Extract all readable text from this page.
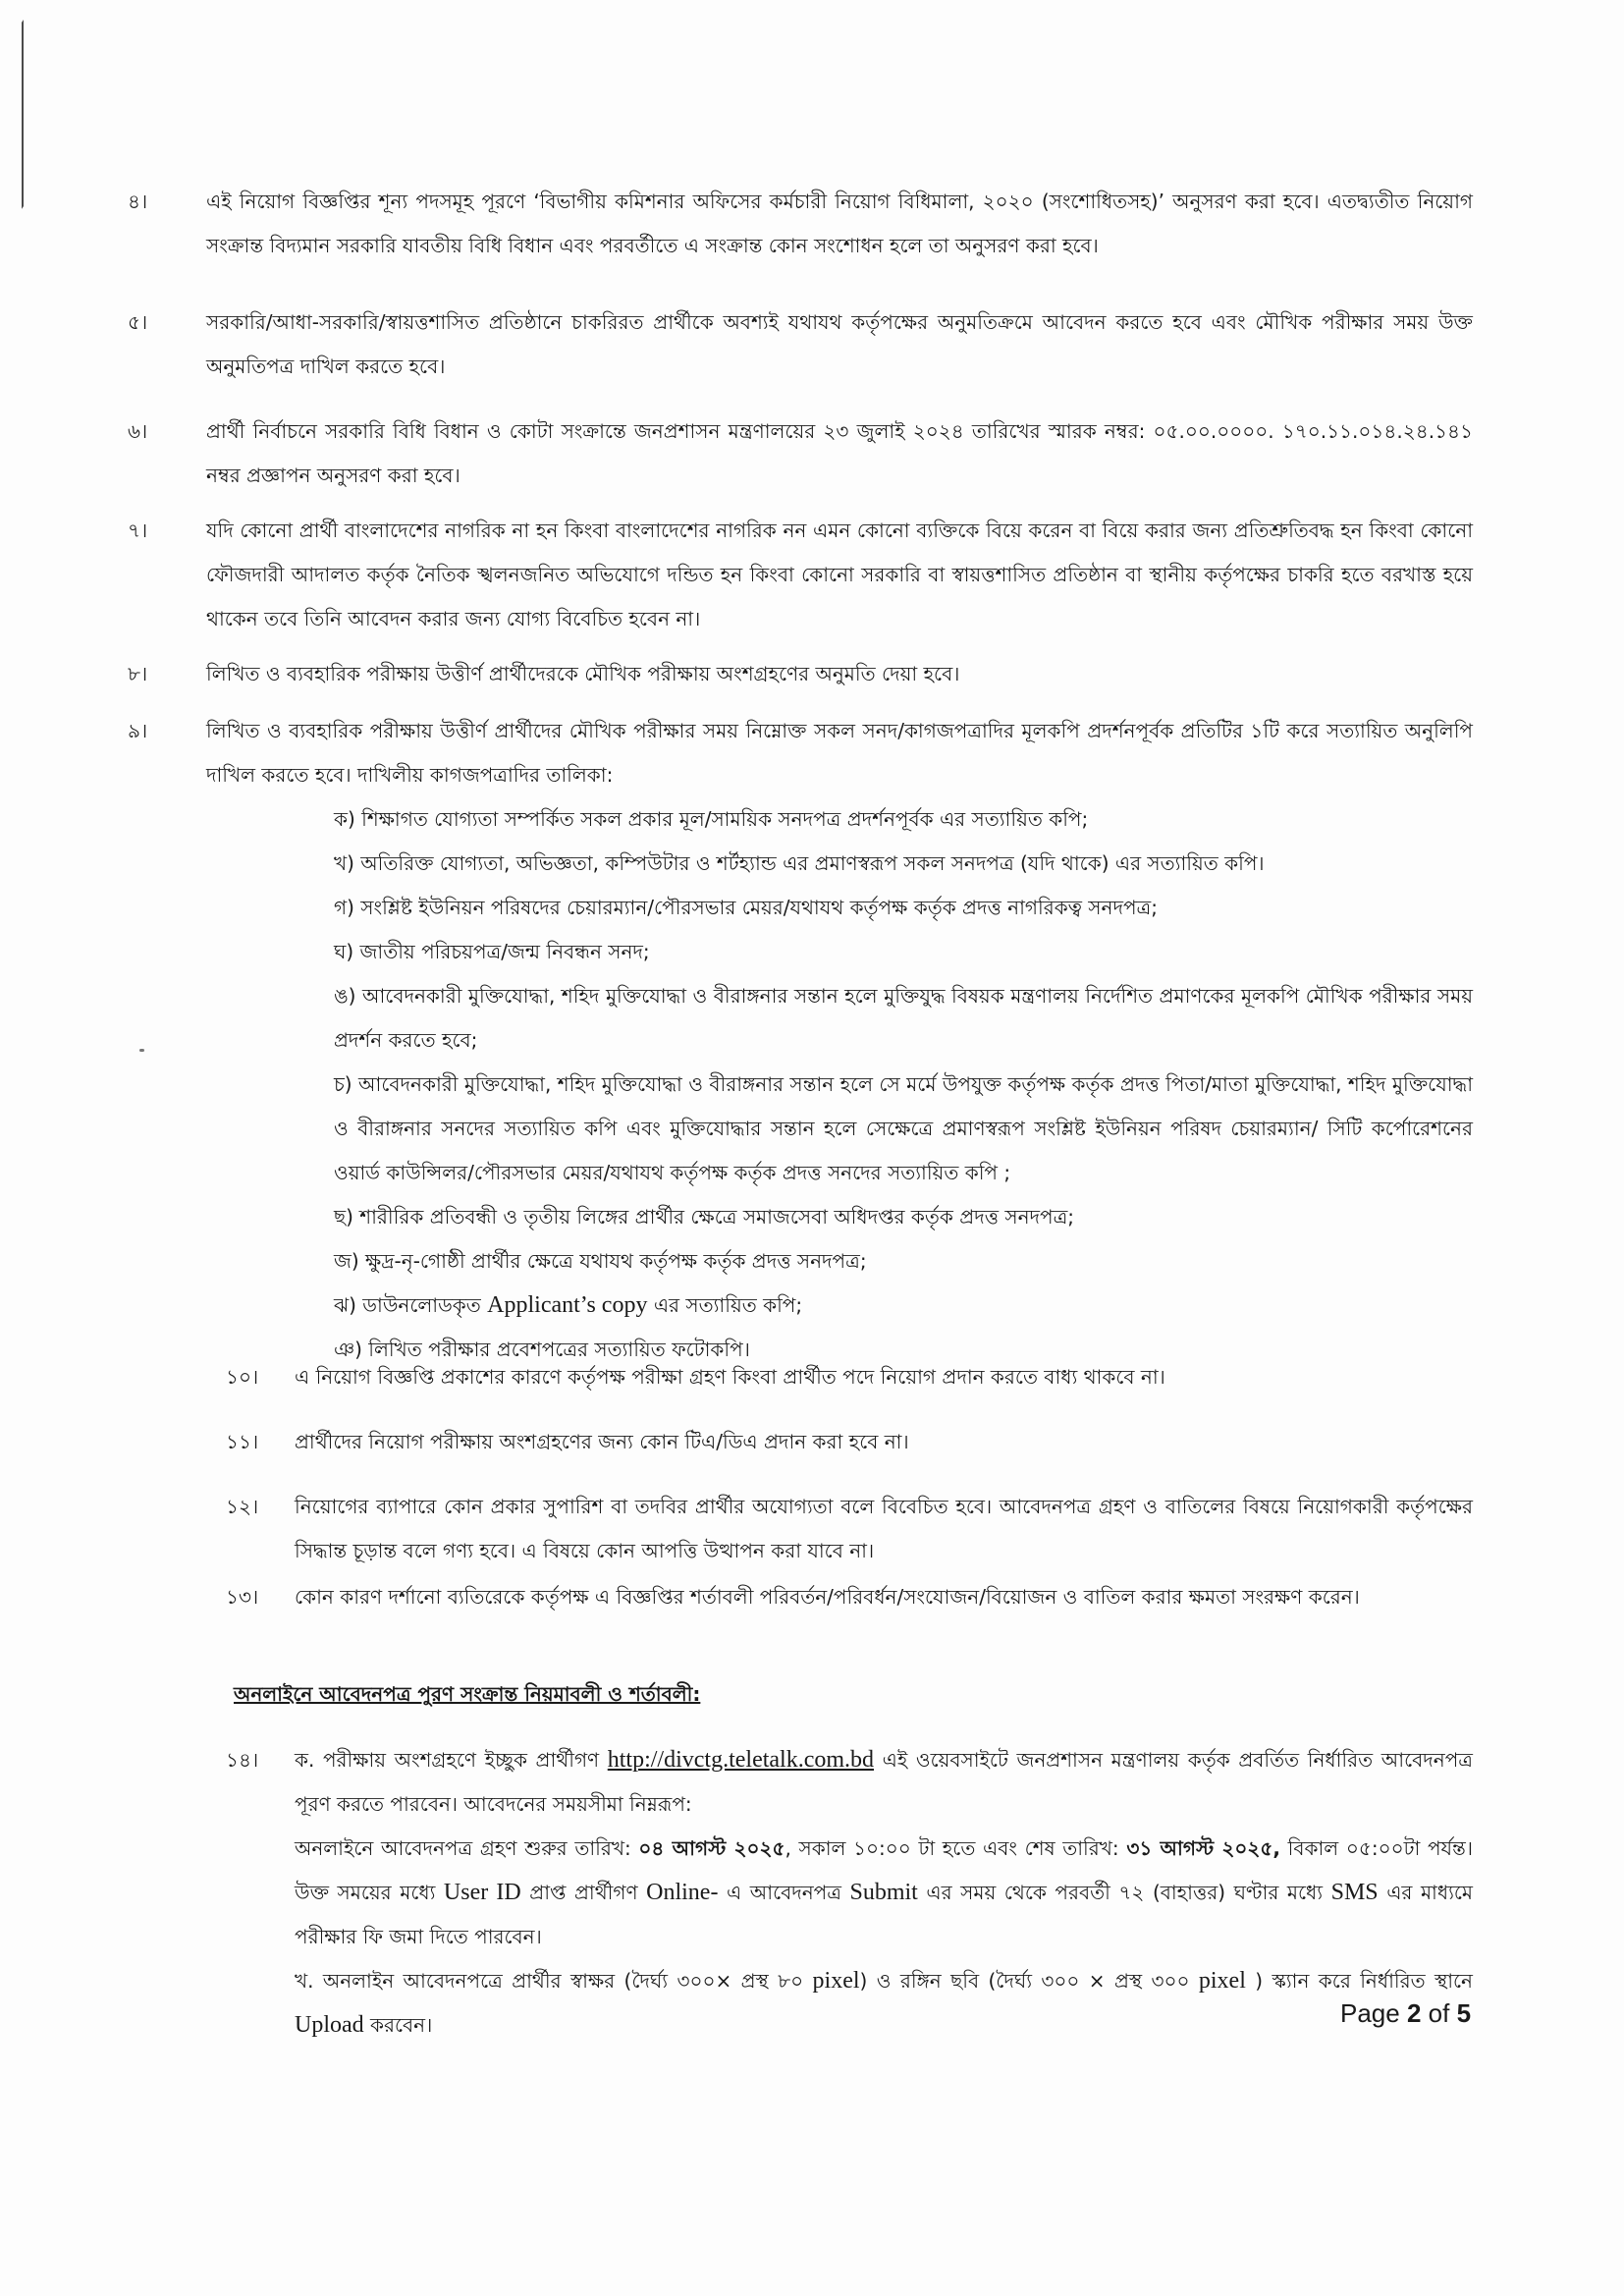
৪।	এই নিয়োগ বিজ্ঞপ্তির শূন্য পদসমূহ পূরণে ‘বিভাগীয় কমিশনার অফিসের কর্মচারী নিয়োগ বিধিমালা, ২০২০ (সংশোধিতসহ)’ অনুসরণ করা হবে। এতদ্ব্যতীত নিয়োগ সংক্রান্ত বিদ্যমান সরকারি যাবতীয় বিধি বিধান এবং পরবর্তীতে এ সংক্রান্ত কোন সংশোধন হলে তা অনুসরণ করা হবে।
৫।	সরকারি/আধা-সরকারি/স্বায়ত্তশাসিত প্রতিষ্ঠানে চাকরিরত প্রার্থীকে অবশ্যই যথাযথ কর্তৃপক্ষের অনুমতিক্রমে আবেদন করতে হবে এবং মৌখিক পরীক্ষার সময় উক্ত অনুমতিপত্র দাখিল করতে হবে।
৬।	প্রার্থী নির্বাচনে সরকারি বিধি বিধান ও কোটা সংক্রান্তে জনপ্রশাসন মন্ত্রণালয়ের ২৩ জুলাই ২০২৪ তারিখের স্মারক নম্বর: ০৫.০০.০০০০. ১৭০.১১.০১৪.২৪.১৪১ নম্বর প্রজ্ঞাপন অনুসরণ করা হবে।
৭।	যদি কোনো প্রার্থী বাংলাদেশের নাগরিক না হন কিংবা বাংলাদেশের নাগরিক নন এমন কোনো ব্যক্তিকে বিয়ে করেন বা বিয়ে করার জন্য প্রতিশ্রুতিবদ্ধ হন কিংবা কোনো ফৌজদারী আদালত কর্তৃক নৈতিক স্খলনজনিত অভিযোগে দন্ডিত হন কিংবা কোনো সরকারি বা স্বায়ত্তশাসিত প্রতিষ্ঠান বা স্থানীয় কর্তৃপক্ষের চাকরি হতে বরখাস্ত হয়ে থাকেন তবে তিনি আবেদন করার জন্য যোগ্য বিবেচিত হবেন না।
৮।	লিখিত ও ব্যবহারিক পরীক্ষায় উত্তীর্ণ প্রার্থীদেরকে মৌখিক পরীক্ষায় অংশগ্রহণের অনুমতি দেয়া হবে।
৯।	লিখিত ও ব্যবহারিক পরীক্ষায় উত্তীর্ণ প্রার্থীদের মৌখিক পরীক্ষার সময় নিম্নোক্ত সকল সনদ/কাগজপত্রাদির মূলকপি প্রদর্শনপূর্বক প্রতিটির ১টি করে সত্যায়িত অনুলিপি দাখিল করতে হবে। দাখিলীয় কাগজপত্রাদির তালিকা:
ক) শিক্ষাগত যোগ্যতা সম্পর্কিত সকল প্রকার মূল/সাময়িক সনদপত্র প্রদর্শনপূর্বক এর সত্যায়িত কপি;
খ) অতিরিক্ত যোগ্যতা, অভিজ্ঞতা, কম্পিউটার ও শর্টহ্যান্ড এর প্রমাণস্বরূপ সকল সনদপত্র (যদি থাকে) এর সত্যায়িত কপি।
গ) সংশ্লিষ্ট ইউনিয়ন পরিষদের চেয়ারম্যান/পৌরসভার মেয়র/যথাযথ কর্তৃপক্ষ কর্তৃক প্রদত্ত নাগরিকত্ব সনদপত্র;
ঘ) জাতীয় পরিচয়পত্র/জন্ম নিবন্ধন সনদ;
ঙ) আবেদনকারী মুক্তিযোদ্ধা, শহিদ মুক্তিযোদ্ধা ও বীরাঙ্গনার সন্তান হলে মুক্তিযুদ্ধ বিষয়ক মন্ত্রণালয় নির্দেশিত প্রমাণকের মূলকপি মৌখিক পরীক্ষার সময় প্রদর্শন করতে হবে;
চ) আবেদনকারী মুক্তিযোদ্ধা, শহিদ মুক্তিযোদ্ধা ও বীরাঙ্গনার সন্তান হলে সে মর্মে উপযুক্ত কর্তৃপক্ষ কর্তৃক প্রদত্ত পিতা/মাতা মুক্তিযোদ্ধা, শহিদ মুক্তিযোদ্ধা ও বীরাঙ্গনার সনদের সত্যায়িত কপি এবং মুক্তিযোদ্ধার সন্তান হলে সেক্ষেত্রে প্রমাণস্বরূপ সংশ্লিষ্ট ইউনিয়ন পরিষদ চেয়ারম্যান/ সিটি কর্পোরেশনের ওয়ার্ড কাউন্সিলর/পৌরসভার মেয়র/যথাযথ কর্তৃপক্ষ কর্তৃক প্রদত্ত সনদের সত্যায়িত কপি ;
ছ) শারীরিক প্রতিবন্ধী ও তৃতীয় লিঙ্গের প্রার্থীর ক্ষেত্রে সমাজসেবা অধিদপ্তর কর্তৃক প্রদত্ত সনদপত্র;
জ) ক্ষুদ্র-নৃ-গোষ্ঠী প্রার্থীর ক্ষেত্রে যথাযথ কর্তৃপক্ষ কর্তৃক প্রদত্ত সনদপত্র;
ঝ) ডাউনলোডকৃত Applicant’s copy এর সত্যায়িত কপি;
ঞ) লিখিত পরীক্ষার প্রবেশপত্রের সত্যায়িত ফটোকপি।
১০।	এ নিয়োগ বিজ্ঞপ্তি প্রকাশের কারণে কর্তৃপক্ষ পরীক্ষা গ্রহণ কিংবা প্রার্থীত পদে নিয়োগ প্রদান করতে বাধ্য থাকবে না।
১১।	প্রার্থীদের নিয়োগ পরীক্ষায় অংশগ্রহণের জন্য কোন টিএ/ডিএ প্রদান করা হবে না।
১২।	নিয়োগের ব্যাপারে কোন প্রকার সুপারিশ বা তদবির প্রার্থীর অযোগ্যতা বলে বিবেচিত হবে। আবেদনপত্র গ্রহণ ও বাতিলের বিষয়ে নিয়োগকারী কর্তৃপক্ষের সিদ্ধান্ত চূড়ান্ত বলে গণ্য হবে। এ বিষয়ে কোন আপত্তি উত্থাপন করা যাবে না।
১৩।	কোন কারণ দর্শানো ব্যতিরেকে কর্তৃপক্ষ এ বিজ্ঞপ্তির শর্তাবলী পরিবর্তন/পরিবর্ধন/সংযোজন/বিয়োজন ও বাতিল করার ক্ষমতা সংরক্ষণ করেন।
অনলাইনে আবেদনপত্র পুরণ সংক্রান্ত নিয়মাবলী ও শর্তাবলী:
১৪।	ক. পরীক্ষায় অংশগ্রহণে ইচ্ছুক প্রার্থীগণ http://divctg.teletalk.com.bd এই ওয়েবসাইটে জনপ্রশাসন মন্ত্রণালয় কর্তৃক প্রবর্তিত নির্ধারিত আবেদনপত্র পূরণ করতে পারবেন। আবেদনের সময়সীমা নিম্নরূপ:
অনলাইনে আবেদনপত্র গ্রহণ শুরুর তারিখ: ০৪ আগস্ট ২০২৫, সকাল ১০:০০ টা হতে এবং শেষ তারিখ: ৩১ আগস্ট ২০২৫, বিকাল ০৫:০০টা পর্যন্ত। উক্ত সময়ের মধ্যে User ID প্রাপ্ত প্রার্থীগণ Online- এ আবেদনপত্র Submit এর সময় থেকে পরবর্তী ৭২ (বাহাত্তর) ঘণ্টার মধ্যে SMS এর মাধ্যমে পরীক্ষার ফি জমা দিতে পারবেন।
খ. অনলাইন আবেদনপত্রে প্রার্থীর স্বাক্ষর (দৈর্ঘ্য ৩০০× প্রস্থ ৮০ pixel) ও রঙ্গিন ছবি (দৈর্ঘ্য ৩০০ × প্রস্থ ৩০০ pixel ) স্ক্যান করে নির্ধারিত স্থানে Upload করবেন।	Page 2 of 5
